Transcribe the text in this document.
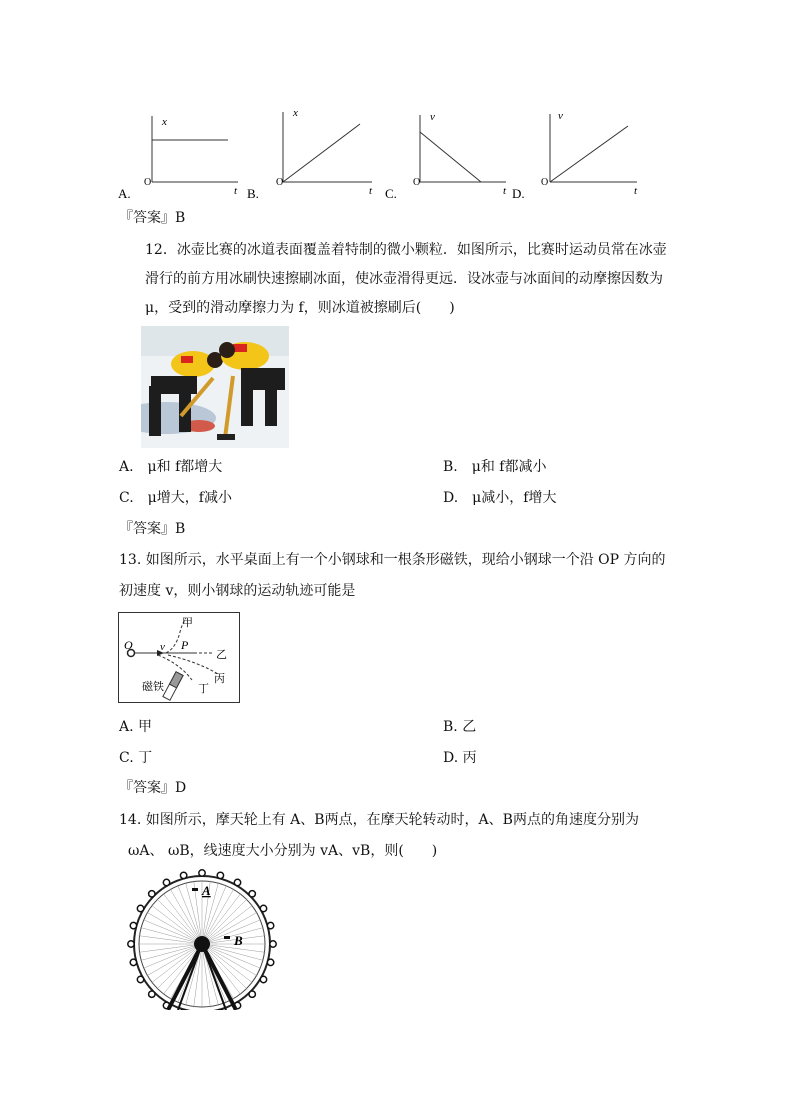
x
O
t
A.
x
O
t
B.
v
O
t
C.
v
O
t
D.
『答案』B
12．冰壶比赛的冰道表面覆盖着特制的微小颗粒．如图所示，比赛时运动员常在冰壶
滑行的前方用冰刷快速擦刷冰面，使冰壶滑得更远．设冰壶与冰面间的动摩擦因数为
μ，受到的滑动摩擦力为 f，则冰道被擦刷后(　　)
A.　μ和 f都增大	B.　μ和 f都减小
C.　μ增大，f减小	D.　μ减小，f增大
『答案』B
13. 如图所示，水平桌面上有一个小钢球和一根条形磁铁，现给小钢球一个沿 OP 方向的
初速度 v，则小钢球的运动轨迹可能是
O v P
甲
乙
丙
丁
磁铁
A. 甲	B. 乙
C. 丁	D. 丙
『答案』D
14. 如图所示，摩天轮上有 A、B两点，在摩天轮转动时，A、B两点的角速度分别为
ωA、 ωB，线速度大小分别为 vA、vB，则(　　)
A
B
